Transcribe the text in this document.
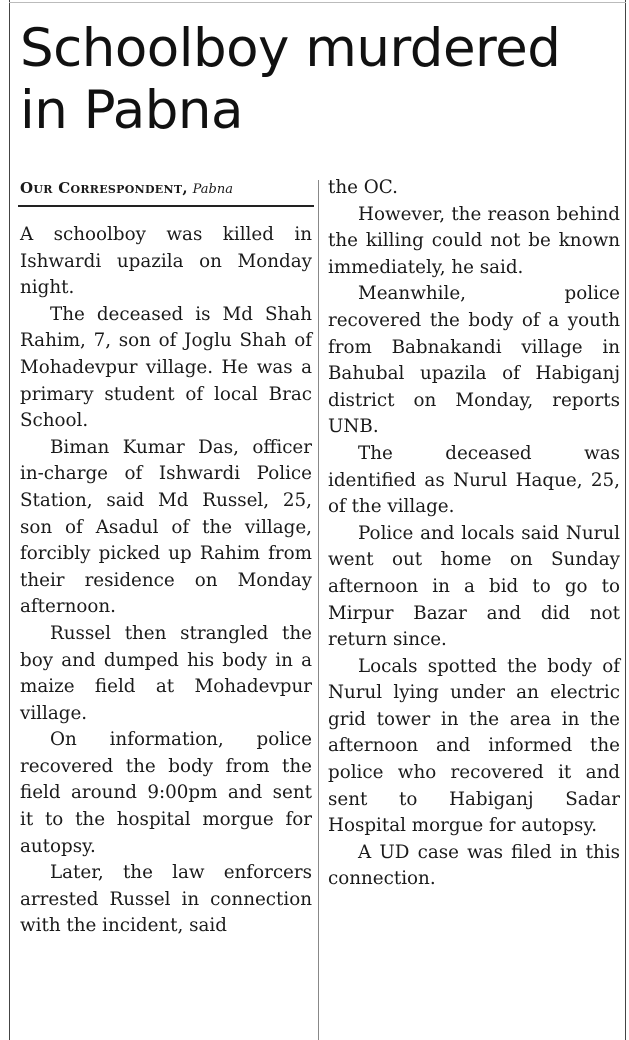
Schoolboy murdered in Pabna
Our Correspondent, Pabna

A schoolboy was killed in Ishwardi upazila on Monday night.

The deceased is Md Shah Rahim, 7, son of Joglu Shah of Mohadevpur village. He was a primary student of local Brac School.

Biman Kumar Das, officer in-charge of Ishwardi Police Station, said Md Russel, 25, son of Asadul of the village, forcibly picked up Rahim from their residence on Monday afternoon.

Russel then strangled the boy and dumped his body in a maize field at Mohadevpur village.

On information, police recovered the body from the field around 9:00pm and sent it to the hospital morgue for autopsy.

Later, the law enforcers arrested Russel in connection with the incident, said

the OC.

However, the reason behind the killing could not be known immediately, he said.

Meanwhile, police recovered the body of a youth from Babnakandi village in Bahubal upazila of Habiganj district on Monday, reports UNB.

The deceased was identified as Nurul Haque, 25, of the village.

Police and locals said Nurul went out home on Sunday afternoon in a bid to go to Mirpur Bazar and did not return since.

Locals spotted the body of Nurul lying under an electric grid tower in the area in the afternoon and informed the police who recovered it and sent to Habiganj Sadar Hospital morgue for autopsy.

A UD case was filed in this connection.
